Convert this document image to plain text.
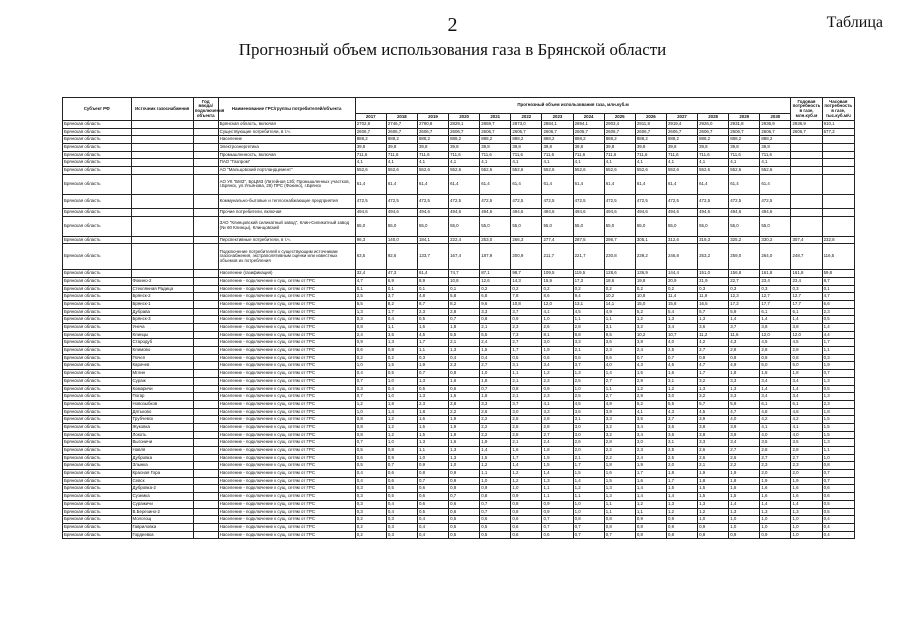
2	Таблица
Прогнозный объем использования газа в Брянской области
Субъект РФ	Источник газоснабжения	Год ввода/подключения объекта	Наименование ГРС/группы потребителей/объекта	Прогнозный объем использования газа, млн.куб.м														Годовая потребность в газе, млн.куб.м	Часовая потребность в газе, тыс.куб.м/ч
				2017	2018	2019	2020	2021	2022	2023	2024	2025	2026	2027	2028	2029	2030		
Брянская область			Брянская область, включая	2702,9	2746,7	2790,8	2829,1	2859,7	2873,0	2884,1	2894,1	2903,4	2911,8	2919,4	2926,0	2931,8	2936,9	2936,9	910,1
Брянская область			Существующие потребители, в т.ч.	2606,7	2606,7	2606,7	2606,7	2606,7	2606,7	2606,7	2606,7	2606,7	2606,7	2606,7	2606,7	2606,7	2606,7	2606,7	677,3
Брянская область			Население	888,2	888,2	888,2	888,2	888,2	888,2	888,2	888,2	888,2	888,2	888,2	888,2	888,2	888,2		
Брянская область			Электроэнергетика	39,8	39,8	39,8	39,8	39,8	39,8	39,8	39,8	39,8	39,8	39,8	39,8	39,8	39,8		
Брянская область			Промышленность, включая	711,6	711,6	711,6	711,6	711,6	711,6	711,6	711,6	711,6	711,6	711,6	711,6	711,6	711,6		
Брянская область			ПАО "Газпром"	4,1	4,1	4,1	4,1	4,1	4,1	4,1	4,1	4,1	4,1	4,1	4,1	4,1	4,1		
Брянская область			АО "Мальцовский портландцемент"	552,6	552,6	552,6	552,6	552,6	552,6	552,6	552,6	552,6	552,6	552,6	552,6	552,6	552,6		
Брянская область			АО УК "БМЗ", БрЦМЗ (Литейная 13б; Промышленных участков, г.Брянск, ул.Ульянова, 28) ПРС (Фокино), г.Брянск	61,4	61,4	61,4	61,4	61,4	61,4	61,4	61,4	61,4	61,4	61,4	61,4	61,4	61,4		
Брянская область			Коммунально-бытовые и теплоснабжающие предприятия	472,5	472,5	472,5	472,5	472,5	472,5	472,5	472,5	472,5	472,5	472,5	472,5	472,5	472,5		
Брянская область			Прочие потребители, включая	494,6	494,6	494,6	494,6	494,6	494,6	494,6	494,6	494,6	494,6	494,6	494,6	494,6	494,6		
Брянская область			ЗАО "Клинцовский силикатный завод", Клин-Силикатный завод (№ 60 Клинцы), Клинцовский	55,0	55,0	55,0	55,0	55,0	55,0	55,0	55,0	55,0	55,0	55,0	55,0	55,0	55,0		
Брянская область			Перспективные потребители, в т.ч.	96,3	140,0	184,1	222,4	253,0	266,3	277,4	287,5	296,7	305,1	312,6	319,3	325,2	330,2	307,4	232,8
Брянская область			Подключение потребителей к существующим источникам газоснабжения, экстраполятивным оценки или известных объемов их потребления	63,5	92,6	133,7	167,4	187,9	200,9	211,7	221,7	230,8	239,2	246,8	253,2	259,0	264,0	248,7	116,5
Брянская область			Население (газификация)	32,4	47,3	61,4	74,7	87,1	98,7	109,5	119,5	128,6	136,9	144,4	151,0	156,8	161,8	161,8	59,8
Брянская область	Фокино-2		Население - подключение к сущ. сетям от ГРС	4,7	6,9	8,9	10,8	12,6	14,3	15,9	17,3	18,6	19,8	20,9	21,9	22,7	23,4	23,4	8,7
Брянская область	Стеклянная Радица		Население - подключение к сущ. сетям от ГРС	0,1	0,1	0,1	0,1	0,2	0,2	0,2	0,2	0,2	0,2	0,2	0,3	0,3	0,3	0,3	0,1
Брянская область	Брянск-2		Население - подключение к сущ. сетям от ГРС	2,5	3,7	4,8	5,8	6,8	7,8	8,6	9,4	10,2	10,8	11,4	11,9	12,3	12,7	12,7	4,7
Брянская область	Брянск-1		Население - подключение к сущ. сетям от ГРС	5,5	8,2	8,7	8,2	9,6	10,8	12,0	13,1	14,1	15,0	15,8	16,5	17,2	17,7	17,7	6,6
Брянская область	Дубрава		Население - подключение к сущ. сетям от ГРС	1,3	1,7	2,3	2,8	3,3	3,7	4,1	4,5	4,9	5,2	5,4	5,7	5,9	6,1	6,1	2,3
Брянская область	Брянск-3		Население - подключение к сущ. сетям от ГРС	0,3	0,4	0,5	0,7	0,8	0,9	1,0	1,1	1,1	1,2	1,3	1,3	1,4	1,4	1,4	0,5
Брянская область	Унеча		Население - подключение к сущ. сетям от ГРС	0,8	1,1	1,5	1,8	2,1	2,3	2,6	2,8	3,1	3,2	3,4	3,6	3,7	3,8	3,8	1,4
Брянская область	Клинцы		Население - подключение к сущ. сетям от ГРС	2,4	3,5	4,5	5,5	6,5	7,3	8,1	8,8	9,5	10,2	10,7	11,2	11,6	12,0	12,0	4,4
Брянская область	Стародуб		Население - подключение к сущ. сетям от ГРС	0,9	1,3	1,7	2,1	2,4	2,7	3,0	3,3	3,6	3,8	4,0	4,2	4,3	4,5	4,5	1,7
Брянская область	Климово		Население - подключение к сущ. сетям от ГРС	0,6	0,8	1,1	1,3	1,5	1,7	1,9	2,1	2,3	2,4	2,5	2,7	2,8	2,8	2,8	1,1
Брянская область	Почеп		Население - подключение к сущ. сетям от ГРС	0,2	0,2	0,3	0,4	0,4	0,5	0,6	0,6	0,6	0,7	0,7	0,8	0,8	0,8	0,8	0,3
Брянская область	Карачев		Население - подключение к сущ. сетям от ГРС	1,0	1,5	1,9	2,3	2,7	3,1	3,4	3,7	4,0	4,3	4,5	4,7	4,9	5,0	5,0	1,9
Брянская область	Мглин		Население - подключение к сущ. сетям от ГРС	0,4	0,5	0,7	0,8	1,0	1,1	1,2	1,3	1,4	1,5	1,6	1,7	1,8	1,8	1,8	0,7
Брянская область	Сураж		Население - подключение к сущ. сетям от ГРС	0,7	1,0	1,3	1,6	1,8	2,1	2,3	2,5	2,7	2,9	3,1	3,2	3,3	3,4	3,4	1,3
Брянская область	Комаричи		Население - подключение к сущ. сетям от ГРС	0,3	0,4	0,5	0,6	0,7	0,8	0,9	1,0	1,1	1,2	1,2	1,3	1,3	1,4	1,4	0,5
Брянская область	Погар		Население - подключение к сущ. сетям от ГРС	0,7	1,0	1,3	1,6	1,8	2,1	2,3	2,5	2,7	2,9	3,0	3,2	3,3	3,4	3,4	1,3
Брянская область	Новозыбков		Население - подключение к сущ. сетям от ГРС	1,2	1,8	2,3	2,8	3,3	3,7	4,1	4,5	4,9	5,2	5,5	5,7	5,9	6,1	6,1	2,3
Брянская область	Дятьково		Население - подключение к сущ. сетям от ГРС	1,0	1,4	1,8	2,2	2,6	3,0	3,3	3,6	3,9	4,1	4,3	4,5	4,7	4,8	4,8	1,8
Брянская область	Трубчевск		Население - подключение к сущ. сетям от ГРС	0,8	1,2	1,6	1,9	2,2	2,5	2,8	3,1	3,3	3,5	3,7	3,9	4,0	4,2	4,2	1,5
Брянская область	Жуковка		Население - подключение к сущ. сетям от ГРС	0,8	1,2	1,5	1,9	2,2	2,5	2,8	3,0	3,2	3,4	3,6	3,8	3,9	4,1	4,1	1,5
Брянская область	Локоть		Население - подключение к сущ. сетям от ГРС	0,8	1,2	1,5	1,9	2,2	2,5	2,7	3,0	3,2	3,4	3,6	3,8	3,9	4,0	4,0	1,5
Брянская область	Выгоничи		Население - подключение к сущ. сетям от ГРС	0,7	1,0	1,3	1,6	1,9	2,1	2,4	2,6	2,8	3,0	3,1	3,3	3,4	3,5	3,5	1,3
Брянская область	Навля		Население - подключение к сущ. сетям от ГРС	0,5	0,8	1,1	1,3	1,4	1,6	1,8	2,0	2,2	2,3	2,5	2,6	2,7	2,8	2,8	1,1
Брянская область	Дубровка		Население - подключение к сущ. сетям от ГРС	0,6	0,9	1,0	1,3	1,5	1,7	1,9	2,1	2,2	2,4	2,5	2,6	2,6	2,7	2,7	1,0
Брянская область	Злынка		Население - подключение к сущ. сетям от ГРС	0,5	0,7	0,9	1,0	1,2	1,4	1,5	1,7	1,8	1,9	2,0	2,1	2,2	2,3	2,3	0,8
Брянская область	Красная Гора		Население - подключение к сущ. сетям от ГРС	0,4	0,6	0,8	0,9	1,1	1,2	1,4	1,5	1,6	1,7	1,8	1,9	1,9	2,0	2,0	0,7
Брянская область	Севск		Население - подключение к сущ. сетям от ГРС	0,4	0,6	0,7	0,9	1,0	1,2	1,3	1,4	1,5	1,6	1,7	1,8	1,8	1,9	1,9	0,7
Брянская область	Дубровка-2		Население - подключение к сущ. сетям от ГРС	0,3	0,5	0,6	0,8	0,9	1,0	1,1	1,2	1,3	1,4	1,5	1,5	1,6	1,6	1,6	0,6
Брянская область	Суземка		Население - подключение к сущ. сетям от ГРС	0,3	0,5	0,6	0,7	0,8	0,9	1,1	1,1	1,3	1,4	1,4	1,5	1,5	1,6	1,6	0,6
Брянская область	Суражичи		Население - подключение к сущ. сетям от ГРС	0,3	0,4	0,6	0,6	0,7	0,8	0,9	1,0	1,1	1,2	1,3	1,3	1,4	1,4	1,4	0,5
Брянская область	В.Березино-2		Население - подключение к сущ. сетям от ГРС	0,3	0,4	0,5	0,6	0,7	0,8	0,9	1,0	1,1	1,1	1,2	1,2	1,3	1,3	1,3	0,5
Брянская область	Мологощ		Население - подключение к сущ. сетям от ГРС	0,2	0,3	0,4	0,5	0,6	0,6	0,7	0,8	0,8	0,9	0,9	1,0	1,0	1,0	1,0	0,4
Брянская область	Гавриловка		Население - подключение к сущ. сетям от ГРС	0,2	0,3	0,4	0,5	0,5	0,6	0,7	0,7	0,8	0,8	0,9	0,9	1,0	1,0	1,0	0,4
Брянская область	Гордеевка		Население - подключение к сущ. сетям от ГРС	0,2	0,3	0,4	0,5	0,5	0,6	0,6	0,7	0,7	0,8	0,8	0,8	0,9	0,9	1,0	0,4
